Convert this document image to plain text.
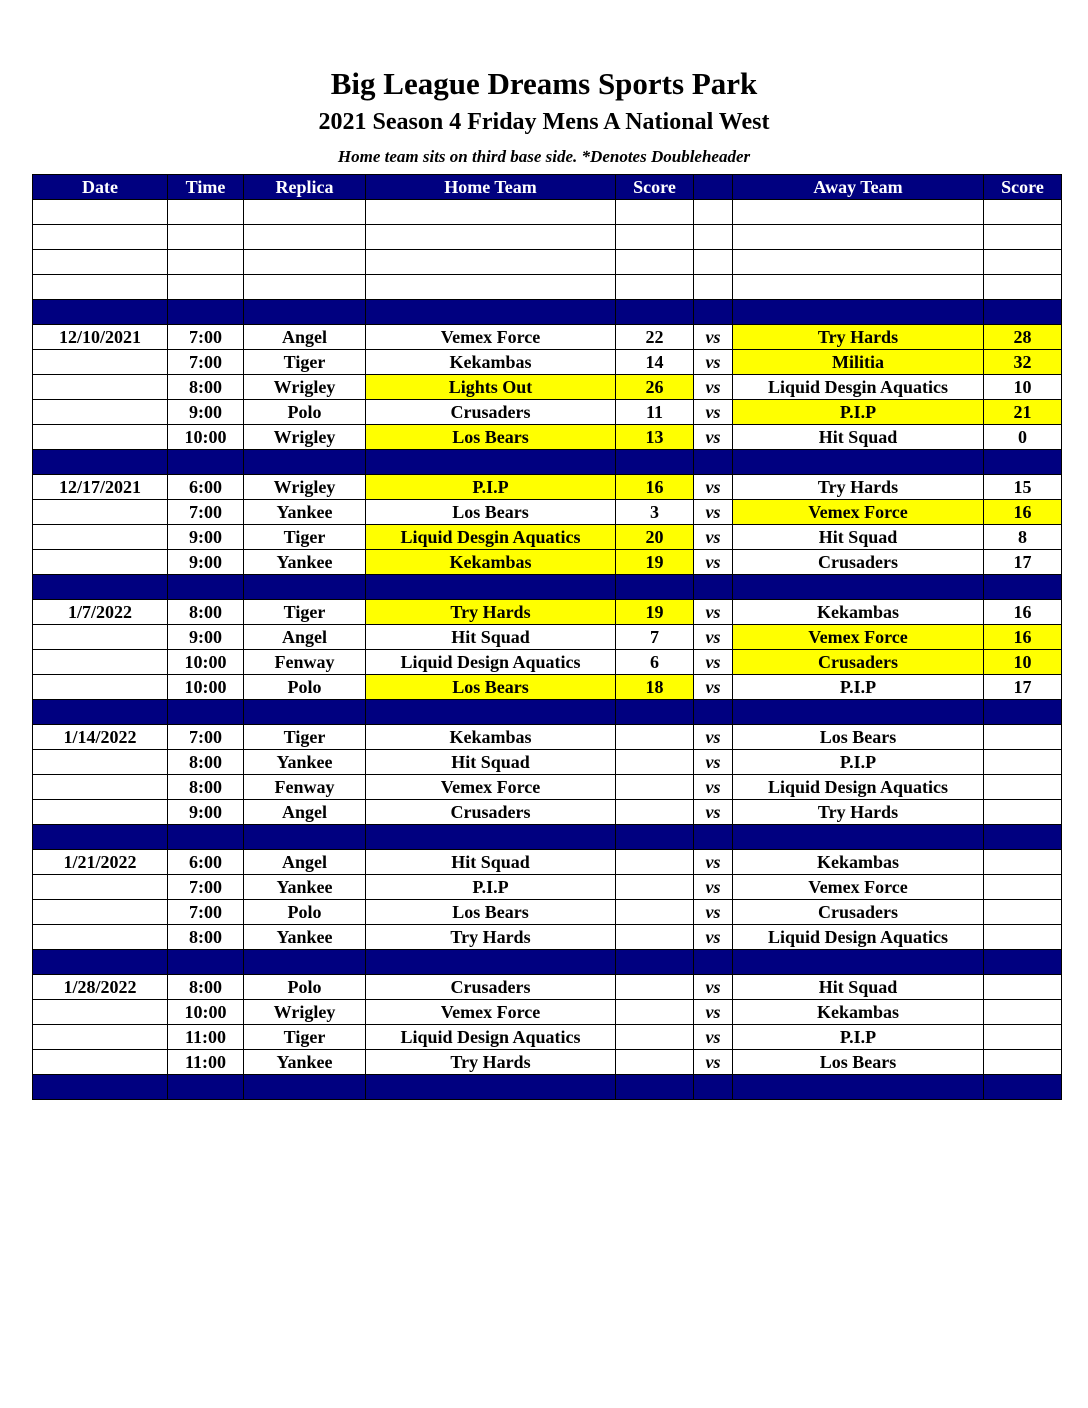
Big League Dreams Sports Park
2021 Season 4 Friday Mens A National West
Home team sits on third base side. *Denotes Doubleheader
Date	Time	Replica	Home Team	Score		Away Team	Score

12/10/2021	7:00	Angel	Vemex Force	22	vs	Try Hards	28
	7:00	Tiger	Kekambas	14	vs	Militia	32
	8:00	Wrigley	Lights Out	26	vs	Liquid Desgin Aquatics	10
	9:00	Polo	Crusaders	11	vs	P.I.P	21
	10:00	Wrigley	Los Bears	13	vs	Hit Squad	0

12/17/2021	6:00	Wrigley	P.I.P	16	vs	Try Hards	15
	7:00	Yankee	Los Bears	3	vs	Vemex Force	16
	9:00	Tiger	Liquid Desgin Aquatics	20	vs	Hit Squad	8
	9:00	Yankee	Kekambas	19	vs	Crusaders	17

1/7/2022	8:00	Tiger	Try Hards	19	vs	Kekambas	16
	9:00	Angel	Hit Squad	7	vs	Vemex Force	16
	10:00	Fenway	Liquid Design Aquatics	6	vs	Crusaders	10
	10:00	Polo	Los Bears	18	vs	P.I.P	17

1/14/2022	7:00	Tiger	Kekambas		vs	Los Bears	
	8:00	Yankee	Hit Squad		vs	P.I.P	
	8:00	Fenway	Vemex Force		vs	Liquid Design Aquatics	
	9:00	Angel	Crusaders		vs	Try Hards	

1/21/2022	6:00	Angel	Hit Squad		vs	Kekambas	
	7:00	Yankee	P.I.P		vs	Vemex Force	
	7:00	Polo	Los Bears		vs	Crusaders	
	8:00	Yankee	Try Hards		vs	Liquid Design Aquatics	

1/28/2022	8:00	Polo	Crusaders		vs	Hit Squad	
	10:00	Wrigley	Vemex Force		vs	Kekambas	
	11:00	Tiger	Liquid Design Aquatics		vs	P.I.P	
	11:00	Yankee	Try Hards		vs	Los Bears	
